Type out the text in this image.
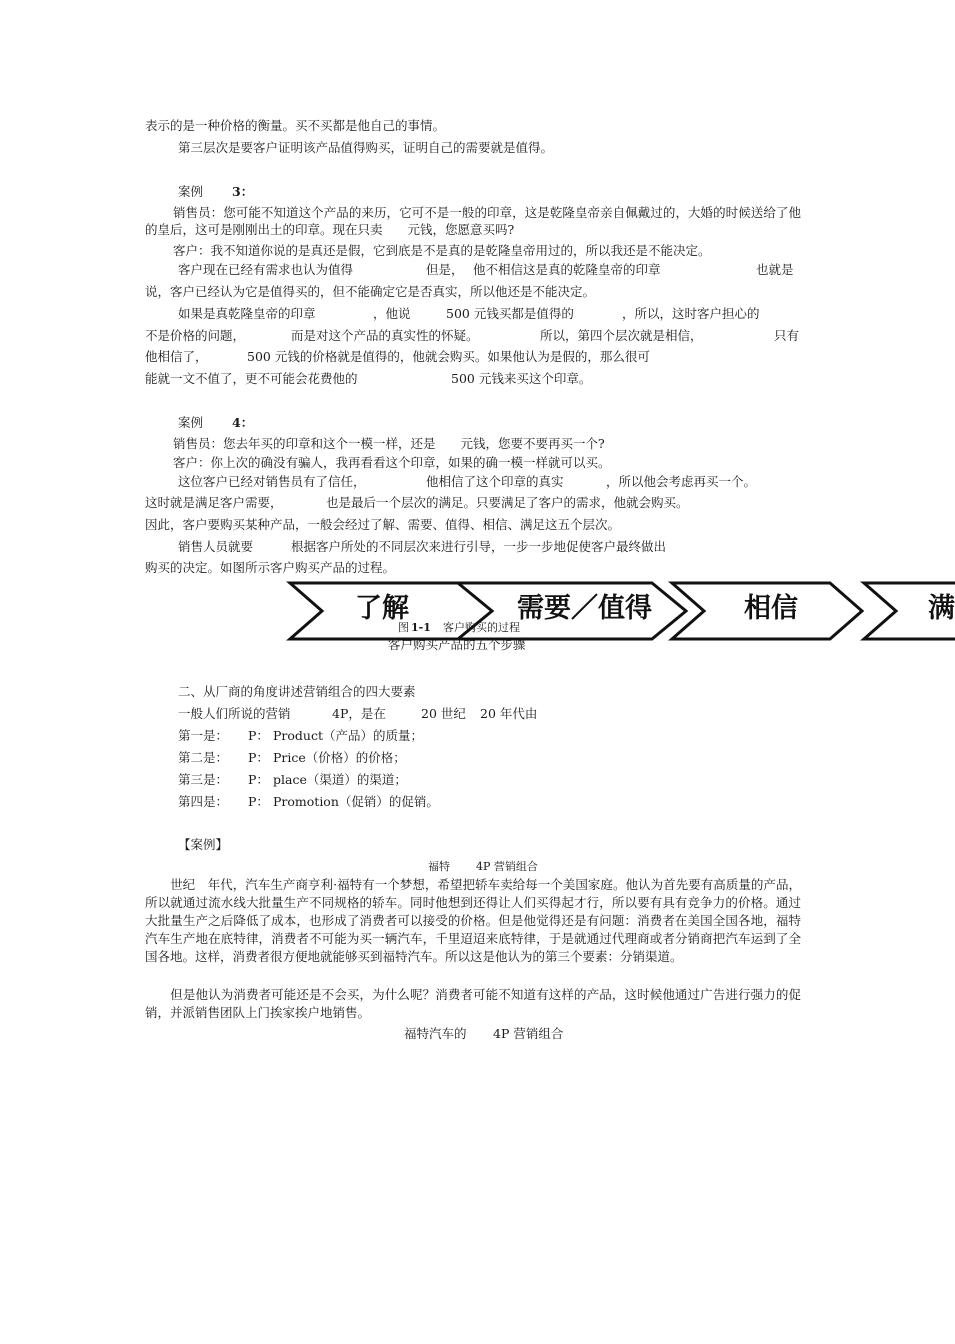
表示的是一种价格的衡量。买不买都是他自己的事情。
第三层次是要客户证明该产品值得购买，证明自己的需要就是值得。
案例 3：
销售员：您可能不知道这个产品的来历，它可不是一般的印章，这是乾隆皇帝亲自佩戴过的，大婚的时候送给了他的皇后，这可是刚刚出土的印章。现在只卖　　元钱，您愿意买吗?
客户：我不知道你说的是真还是假，它到底是不是真的是乾隆皇帝用过的，所以我还是不能决定。
客户现在已经有需求也认为值得	但是， 他不相信这是真的乾隆皇帝的印章	也就是
说，客户已经认为它是值得买的，但不能确定它是否真实，所以他还是不能决定。
如果是真乾隆皇帝的印章	，他说	500 元钱买都是值得的	，所以，这时客户担心的
不是价格的问题，	而是对这个产品的真实性的怀疑。	所以，第四个层次就是相信，	只有
他相信了，	500 元钱的价格就是值得的，他就会购买。如果他认为是假的，那么很可
能就一文不值了，更不可能会花费他的	500 元钱来买这个印章。
案例 4：
销售员：您去年买的印章和这个一模一样，还是　　元钱，您要不要再买一个?
客户：你上次的确没有骗人，我再看看这个印章，如果的确一模一样就可以买。
这位客户已经对销售员有了信任，	他相信了这个印章的真实	，所以他会考虑再买一个。
这时就是满足客户需要，	也是最后一个层次的满足。只要满足了客户的需求，他就会购买。
因此，客户要购买某种产品，一般会经过了解、需要、值得、相信、满足这五个层次。
销售人员就要	根据客户所处的不同层次来进行引导，一步一步地促使客户最终做出
购买的决定。如图所示客户购买产品的过程。
了解	需要／值得	相信	满
图 1-1 客户购买的过程
客户购买产品的五个步骤
二、从厂商的角度讲述营销组合的四大要素
一般人们所说的营销	4P，是在	20 世纪 20 年代由
第一是： P： Product（产品）的质量；
第二是： P： Price（价格）的价格；
第三是： P： place（渠道）的渠道；
第四是： P： Promotion（促销）的促销。
【案例】
福特 4P 营销组合
　　世纪　年代，汽车生产商亨利·福特有一个梦想，希望把轿车卖给每一个美国家庭。他认为首先要有高质量的产品，所以就通过流水线大批量生产不同规格的轿车。同时他想到还得让人们买得起才行，所以要有具有竞争力的价格。通过大批量生产之后降低了成本，也形成了消费者可以接受的价格。但是他觉得还是有问题：消费者在美国全国各地，福特汽车生产地在底特律，消费者不可能为买一辆汽车，千里迢迢来底特律，于是就通过代理商或者分销商把汽车运到了全国各地。这样，消费者很方便地就能够买到福特汽车。所以这是他认为的第三个要素：分销渠道。
　　但是他认为消费者可能还是不会买，为什么呢？消费者可能不知道有这样的产品，这时候他通过广告进行强力的促销，并派销售团队上门挨家挨户地销售。
福特汽车的 4P 营销组合
